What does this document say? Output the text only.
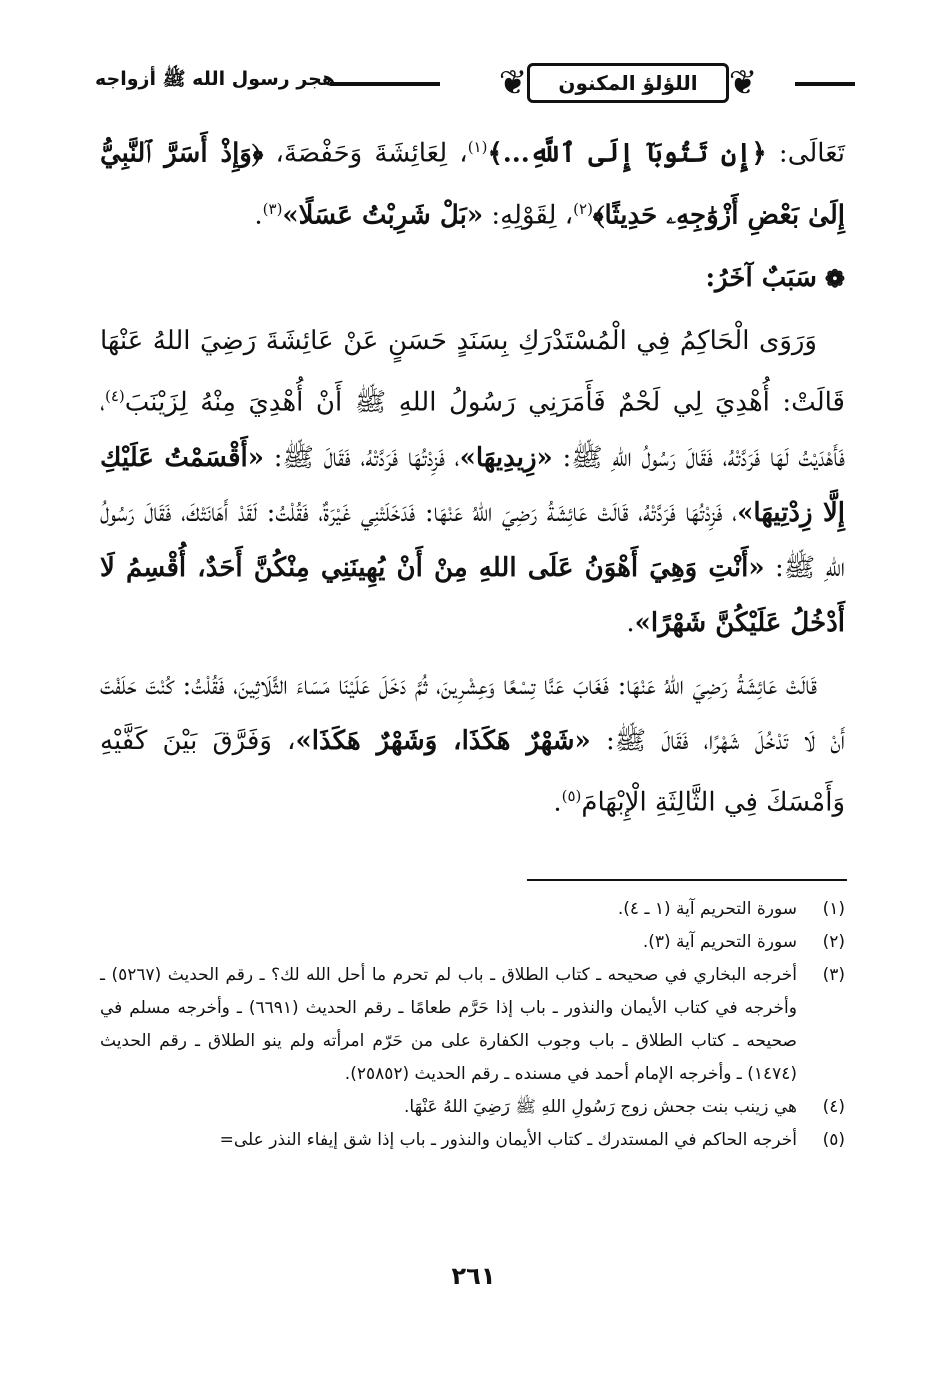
❦
اللؤلؤ المكنون
❦
هجر رسول الله ﷺ أزواجه

تَعَالَى: ﴿إِن تَتُوبَآ إِلَى ٱللَّهِ...﴾$^{(١)}$، لِعَائِشَةَ وَحَفْصَةَ، ﴿وَإِذْ أَسَرَّ ٱلنَّبِيُّ إِلَىٰ بَعْضِ أَزْوَٰجِهِۦ حَدِيثًا﴾$^{(٢)}$، لِقَوْلِهِ: «بَلْ شَرِبْتُ عَسَلًا»$^{(٣)}$.

❁
سَبَبٌ آخَرُ:

وَرَوَى الْحَاكِمُ فِي الْمُسْتَدْرَكِ بِسَنَدٍ حَسَنٍ عَنْ عَائِشَةَ رَضِيَ اللهُ عَنْهَا قَالَتْ: أُهْدِيَ لِي لَحْمٌ فَأَمَرَنِي رَسُولُ اللهِ ﷺ أَنْ أُهْدِيَ مِنْهُ لِزَيْنَبَ$^{(٤)}$، فَأَهْدَيْتُ لَهَا فَرَدَّتْهُ، فَقَالَ رَسُولُ اللهِ ﷺ: «زِيدِيهَا»، فَزِدْتُهَا فَرَدَّتْهُ، فَقَالَ ﷺ: «أَقْسَمْتُ عَلَيْكِ إِلَّا زِدْتِيهَا»، فَزِدْتُهَا فَرَدَّتْهُ، قَالَتْ عَائِشَةُ رَضِيَ اللهُ عَنْهَا: فَدَخَلَتْنِي غَيْرَةٌ، فَقُلْتُ: لَقَدْ أَهَانَتْكَ، فَقَالَ رَسُولُ اللهِ ﷺ: «أَنْتِ وَهِيَ أَهْوَنُ عَلَى اللهِ مِنْ أَنْ يُهِينَنِي مِنْكُنَّ أَحَدٌ، أُقْسِمُ لَا أَدْخُلُ عَلَيْكُنَّ شَهْرًا».

قَالَتْ عَائِشَةُ رَضِيَ اللهُ عَنْهَا: فَغَابَ عَنَّا تِسْعًا وَعِشْرِينَ، ثُمَّ دَخَلَ عَلَيْنَا مَسَاءَ الثَّلَاثِينَ، فَقُلْتُ: كُنْتَ حَلَفْتَ أَنْ لَا تَدْخُلَ شَهْرًا، فَقَالَ ﷺ: «شَهْرٌ هَكَذَا، وَشَهْرٌ هَكَذَا»، وَفَرَّقَ بَيْنَ كَفَّيْهِ وَأَمْسَكَ فِي الثَّالِثَةِ الْإِبْهَامَ$^{(٥)}$.

(١)
سورة التحريم آية (١ ـ ٤).
(٢)
سورة التحريم آية (٣).
(٣)
أخرجه البخاري في صحيحه ـ كتاب الطلاق ـ باب لم تحرم ما أحل الله لك؟ ـ رقم الحديث (٥٢٦٧) ـ وأخرجه في كتاب الأيمان والنذور ـ باب إذا حَرَّم طعامًا ـ رقم الحديث (٦٦٩١) ـ وأخرجه مسلم في صحيحه ـ كتاب الطلاق ـ باب وجوب الكفارة على من حَرّم امرأته ولم ينو الطلاق ـ رقم الحديث (١٤٧٤) ـ وأخرجه الإمام أحمد في مسنده ـ رقم الحديث (٢٥٨٥٢).
(٤)
هي زينب بنت جحش زوج رَسُولِ اللهِ ﷺ رَضِيَ اللهُ عَنْهَا.
(٥)
أخرجه الحاكم في المستدرك ـ كتاب الأيمان والنذور ـ باب إذا شق إيفاء النذر على=
٢٦١
